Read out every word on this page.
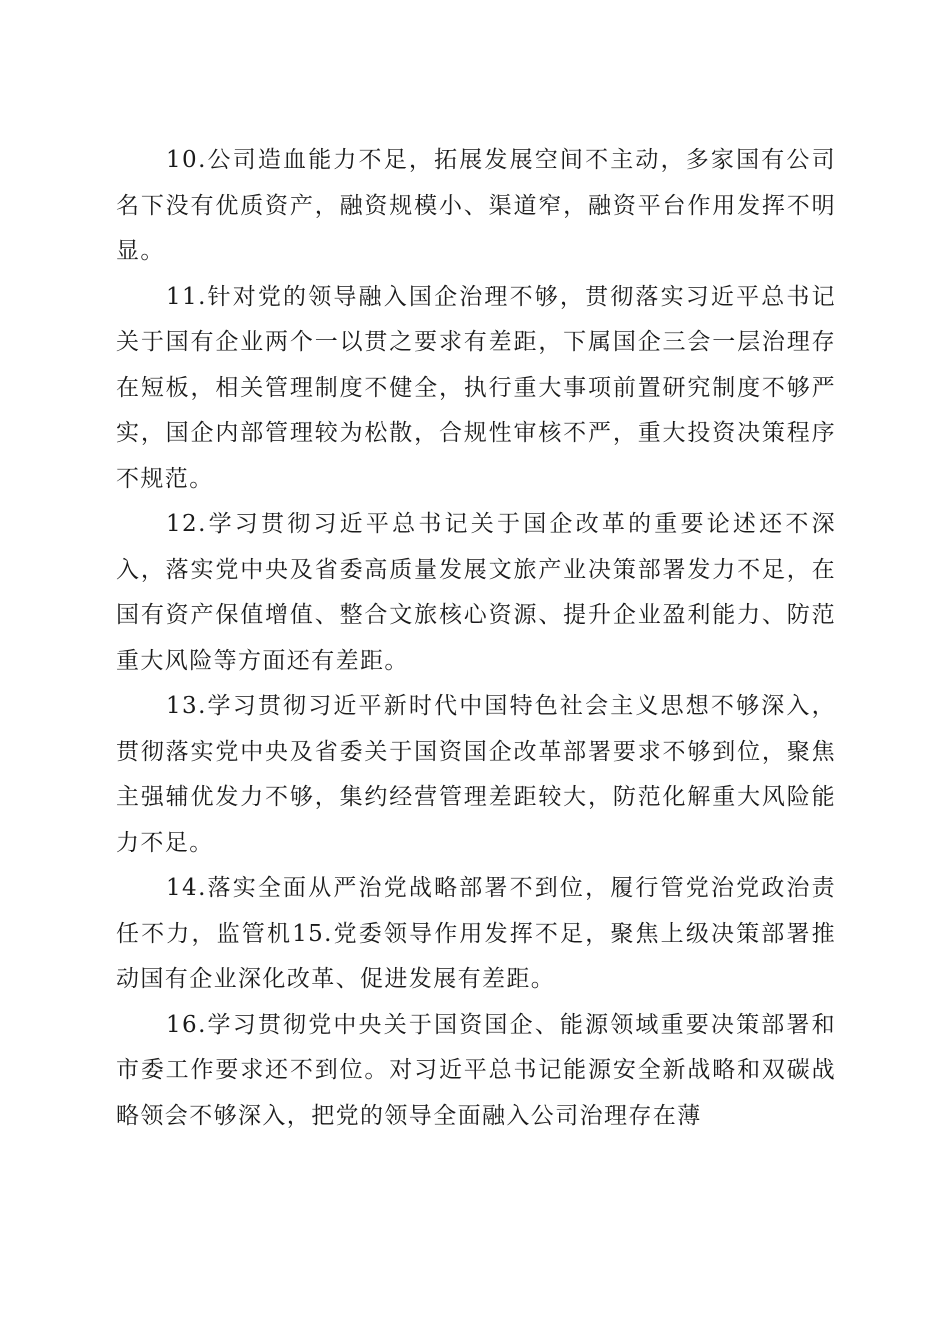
10.公司造血能力不足，拓展发展空间不主动，多家国有公司名下没有优质资产，融资规模小、渠道窄，融资平台作用发挥不明显。

11.针对党的领导融入国企治理不够，贯彻落实习近平总书记关于国有企业两个一以贯之要求有差距，下属国企三会一层治理存在短板，相关管理制度不健全，执行重大事项前置研究制度不够严实，国企内部管理较为松散，合规性审核不严，重大投资决策程序不规范。

12.学习贯彻习近平总书记关于国企改革的重要论述还不深入，落实党中央及省委高质量发展文旅产业决策部署发力不足，在国有资产保值增值、整合文旅核心资源、提升企业盈利能力、防范重大风险等方面还有差距。

13.学习贯彻习近平新时代中国特色社会主义思想不够深入，贯彻落实党中央及省委关于国资国企改革部署要求不够到位，聚焦主强辅优发力不够，集约经营管理差距较大，防范化解重大风险能力不足。

14.落实全面从严治党战略部署不到位，履行管党治党政治责任不力，监管机15.党委领导作用发挥不足，聚焦上级决策部署推动国有企业深化改革、促进发展有差距。

16.学习贯彻党中央关于国资国企、能源领域重要决策部署和市委工作要求还不到位。对习近平总书记能源安全新战略和双碳战略领会不够深入，把党的领导全面融入公司治理存在薄
